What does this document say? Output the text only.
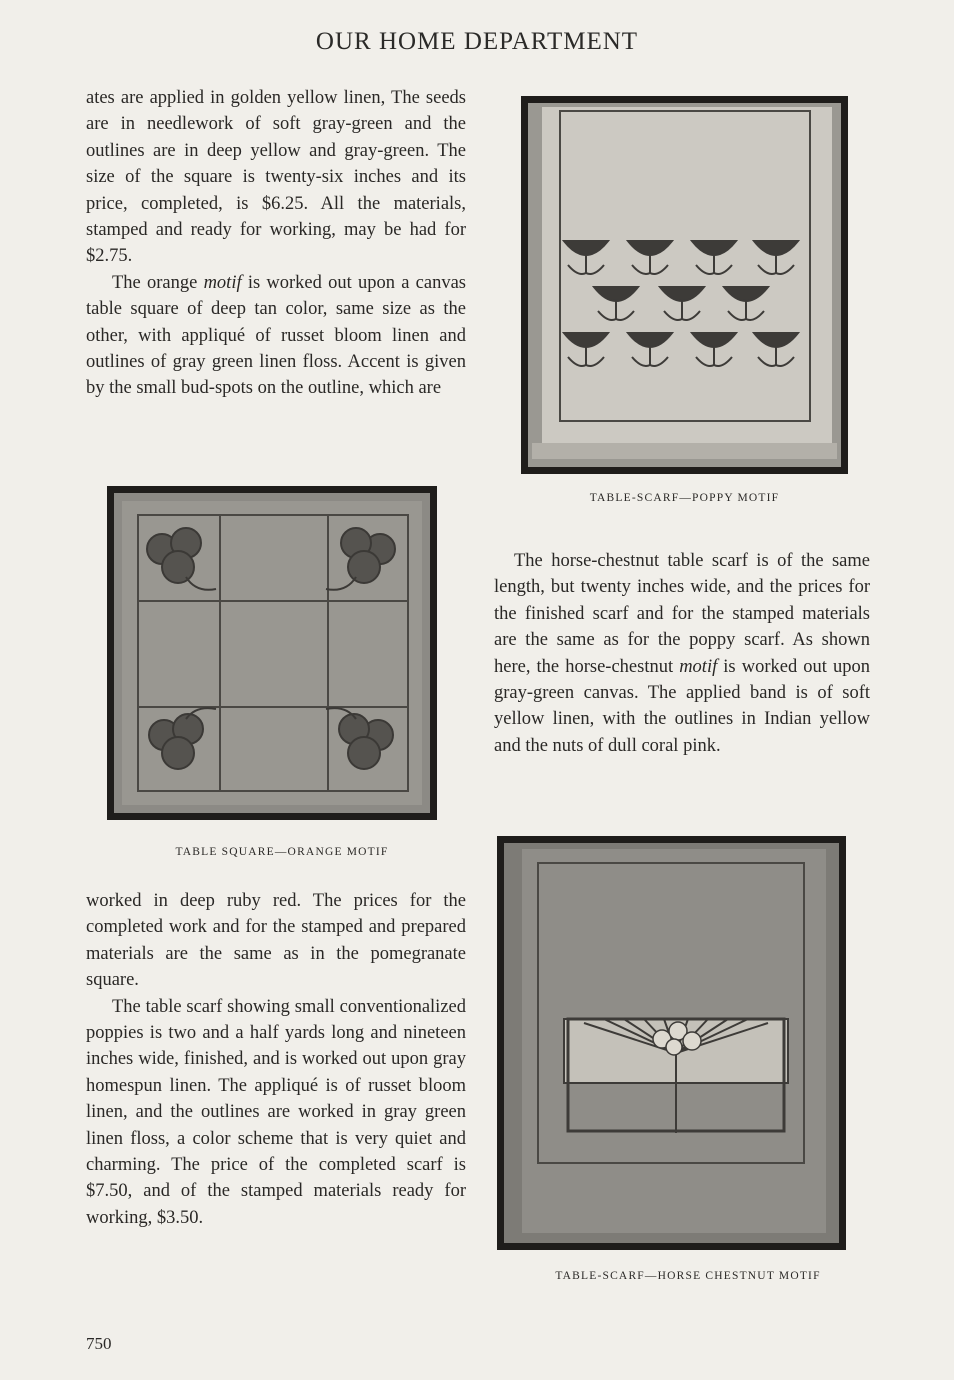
OUR HOME DEPARTMENT

ates are applied in golden yellow linen, The seeds are in needlework of soft gray-green and the outlines are in deep yellow and gray-green. The size of the square is twenty-six inches and its price, completed, is $6.25. All the materials, stamped and ready for working, may be had for $2.75.

The orange motif is worked out upon a canvas table square of deep tan color, same size as the other, with appliqué of russet bloom linen and outlines of gray green linen floss. Accent is given by the small bud-spots on the outline, which are

TABLE-SCARF—POPPY MOTIF
TABLE SQUARE—ORANGE MOTIF

The horse-chestnut table scarf is of the same length, but twenty inches wide, and the prices for the finished scarf and for the stamped materials are the same as for the poppy scarf. As shown here, the horse-chestnut motif is worked out upon gray-green canvas. The applied band is of soft yellow linen, with the outlines in Indian yellow and the nuts of dull coral pink.

worked in deep ruby red. The prices for the completed work and for the stamped and prepared materials are the same as in the pomegranate square.

The table scarf showing small conventionalized poppies is two and a half yards long and nineteen inches wide, finished, and is worked out upon gray homespun linen. The appliqué is of russet bloom linen, and the outlines are worked in gray green linen floss, a color scheme that is very quiet and charming. The price of the completed scarf is $7.50, and of the stamped materials ready for working, $3.50.

TABLE-SCARF—HORSE CHESTNUT MOTIF
750
